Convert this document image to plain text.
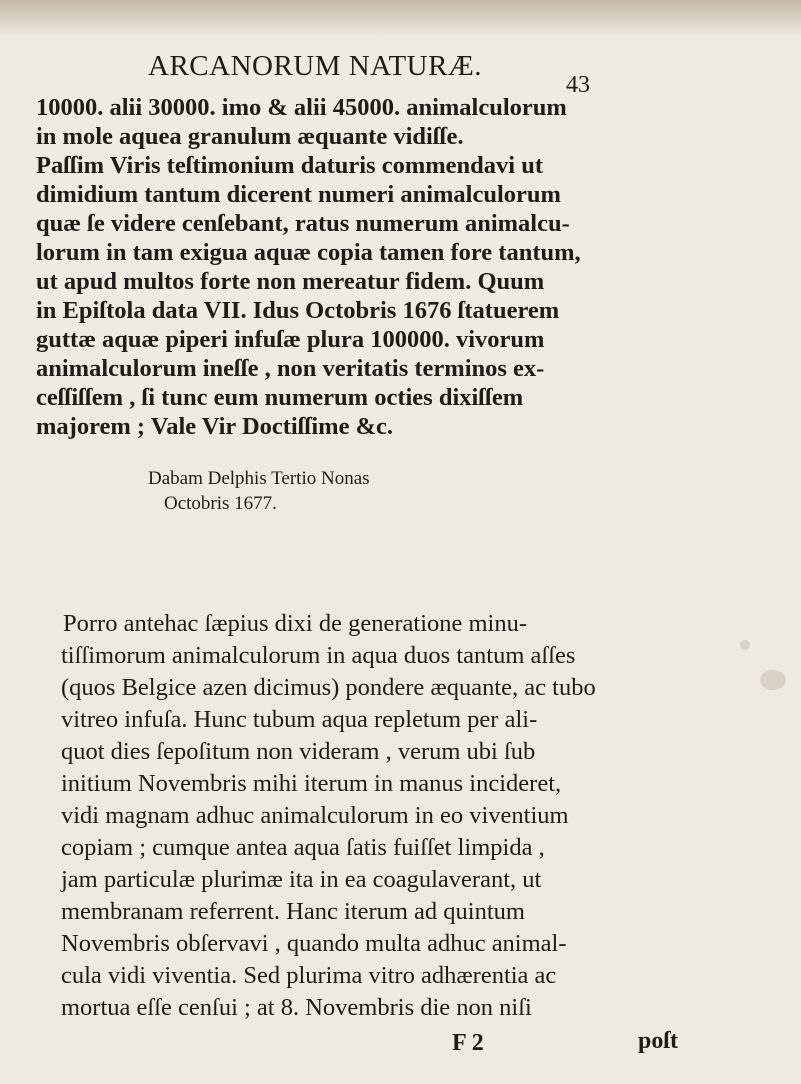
ARCANORUM NATURÆ.
43
10000. alii 30000. imo & alii 45000. animalculorum
in mole aquea granulum æquante vidiſſe.
Paſſim Viris teſtimonium daturis commendavi ut
dimidium tantum dicerent numeri animalculorum
quæ ſe videre cenſebant, ratus numerum animalcu-
lorum in tam exigua aquæ copia tamen fore tantum,
ut apud multos forte non mereatur fidem. Quum
in Epiſtola data VII. Idus Octobris 1676 ſtatuerem
guttæ aquæ piperi infuſæ plura 100000. vivorum
animalculorum ineſſe , non veritatis terminos ex-
ceſſiſſem , ſi tunc eum numerum octies dixiſſem
majorem ; Vale Vir Doctiſſime &c.
Dabam Delphis Tertio Nonas
Octobris 1677.
Porro antehac ſæpius dixi de generatione minu-
tiſſimorum animalculorum in aqua duos tantum aſſes
(quos Belgice azen dicimus) pondere æquante, ac tubo
vitreo infuſa. Hunc tubum aqua repletum per ali-
quot dies ſepoſitum non videram , verum ubi ſub
initium Novembris mihi iterum in manus incideret,
vidi magnam adhuc animalculorum in eo viventium
copiam ; cumque antea aqua ſatis fuiſſet limpida ,
jam particulæ plurimæ ita in ea coagulaverant, ut
membranam referrent. Hanc iterum ad quintum
Novembris obſervavi , quando multa adhuc animal-
cula vidi viventia. Sed plurima vitro adhærentia ac
mortua eſſe cenſui ; at 8. Novembris die non niſi
F 2	poſt
